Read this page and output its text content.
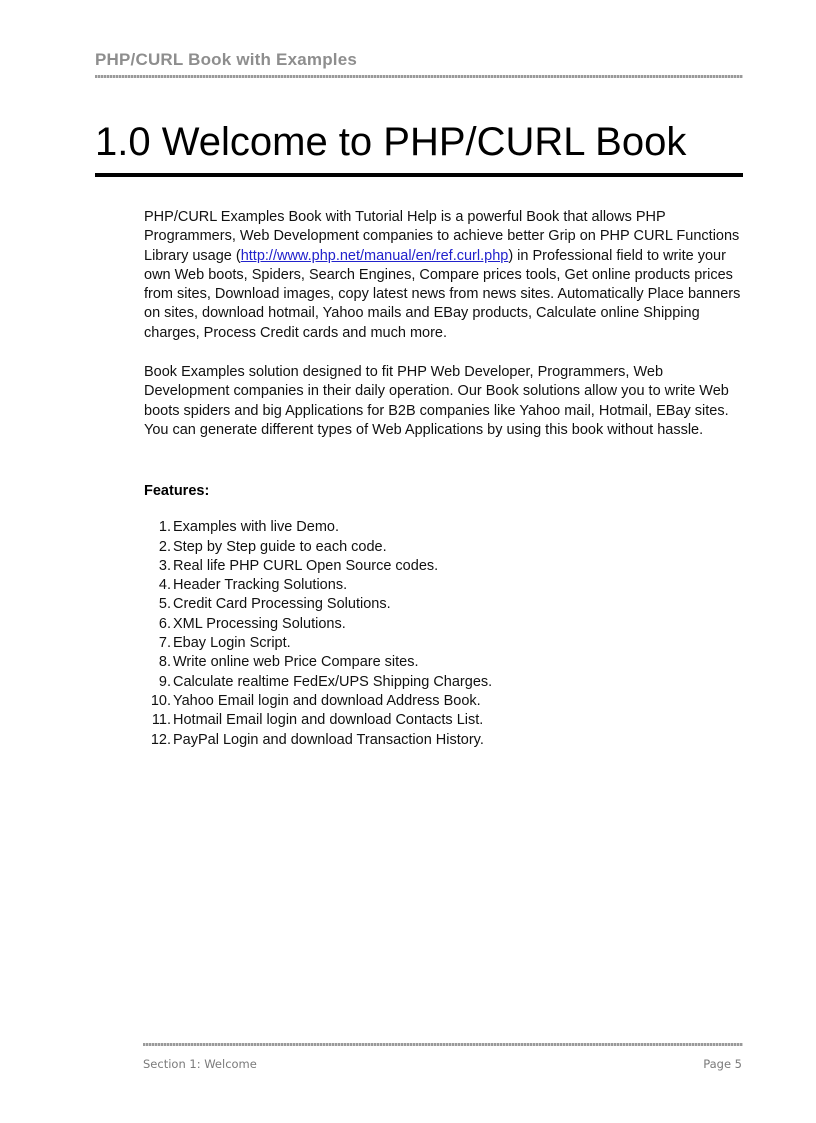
PHP/CURL Book with Examples
1.0 Welcome to PHP/CURL Book

PHP/CURL Examples Book with Tutorial Help is a powerful Book that allows PHP Programmers, Web Development companies to achieve better Grip on PHP CURL Functions Library usage (http://www.php.net/manual/en/ref.curl.php) in Professional field to write your own Web boots, Spiders, Search Engines, Compare prices tools, Get online products prices from sites, Download images, copy latest news from news sites. Automatically Place banners on sites, download hotmail, Yahoo mails and EBay products, Calculate online Shipping charges, Process Credit cards and much more.

Book Examples solution designed to fit PHP Web Developer, Programmers, Web Development companies in their daily operation. Our Book solutions allow you to write Web boots spiders and big Applications for B2B companies like Yahoo mail, Hotmail, EBay sites. You can generate different types of Web Applications by using this book without hassle.

Features:
1. Examples with live Demo.
2. Step by Step guide to each code.
3. Real life PHP CURL Open Source codes.
4. Header Tracking Solutions.
5. Credit Card Processing Solutions.
6. XML Processing Solutions.
7. Ebay Login Script.
8. Write online web Price Compare sites.
9. Calculate realtime FedEx/UPS Shipping Charges.
10. Yahoo Email login and download Address Book.
11. Hotmail Email login and download Contacts List.
12. PayPal Login and download Transaction History.
Section 1: Welcome	Page 5
